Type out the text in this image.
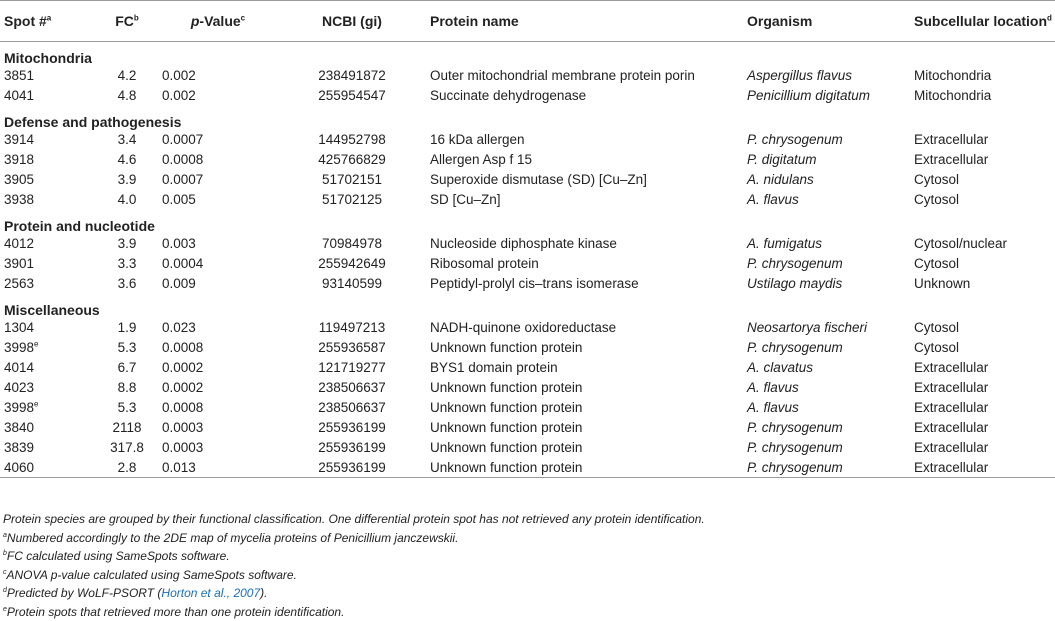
Spot #$^a$	$FC^b$	p-Value$^c$	NCBI (gi)	Protein name	Organism	Subcellular location$^d$
Mitochondria						
3851	4.2	0.002	238491872	Outer mitochondrial membrane protein porin	Aspergillus flavus	Mitochondria
4041	4.8	0.002	255954547	Succinate dehydrogenase	Penicillium digitatum	Mitochondria
Defense and pathogenesis						
3914	3.4	0.0007	144952798	16 kDa allergen	P. chrysogenum	Extracellular
3918	4.6	0.0008	425766829	Allergen Asp f 15	P. digitatum	Extracellular
3905	3.9	0.0007	51702151	Superoxide dismutase (SD) [Cu–Zn]	A. nidulans	Cytosol
3938	4.0	0.005	51702125	SD [Cu–Zn]	A. flavus	Cytosol
Protein and nucleotide						
4012	3.9	0.003	70984978	Nucleoside diphosphate kinase	A. fumigatus	Cytosol/nuclear
3901	3.3	0.0004	255942649	Ribosomal protein	P. chrysogenum	Cytosol
2563	3.6	0.009	93140599	Peptidyl-prolyl cis–trans isomerase	Ustilago maydis	Unknown
Miscellaneous						
1304	1.9	0.023	119497213	NADH-quinone oxidoreductase	Neosartorya fischeri	Cytosol
3998e	5.3	0.0008	255936587	Unknown function protein	P. chrysogenum	Cytosol
4014	6.7	0.0002	121719277	BYS1 domain protein	A. clavatus	Extracellular
4023	8.8	0.0002	238506637	Unknown function protein	A. flavus	Extracellular
3998e	5.3	0.0008	238506637	Unknown function protein	A. flavus	Extracellular
3840	2118	0.0003	255936199	Unknown function protein	P. chrysogenum	Extracellular
3839	317.8	0.0003	255936199	Unknown function protein	P. chrysogenum	Extracellular
4060	2.8	0.013	255936199	Unknown function protein	P. chrysogenum	Extracellular
Protein species are grouped by their functional classification. One differential protein spot has not retrieved any protein identification.
$^a$Numbered accordingly to the 2DE map of mycelia proteins of Penicillium janczewskii.
$^b$FC calculated using SameSpots software.
$^c$ANOVA p-value calculated using SameSpots software.
$^d$Predicted by WoLF-PSORT (Horton et al., 2007).
$^e$Protein spots that retrieved more than one protein identification.
